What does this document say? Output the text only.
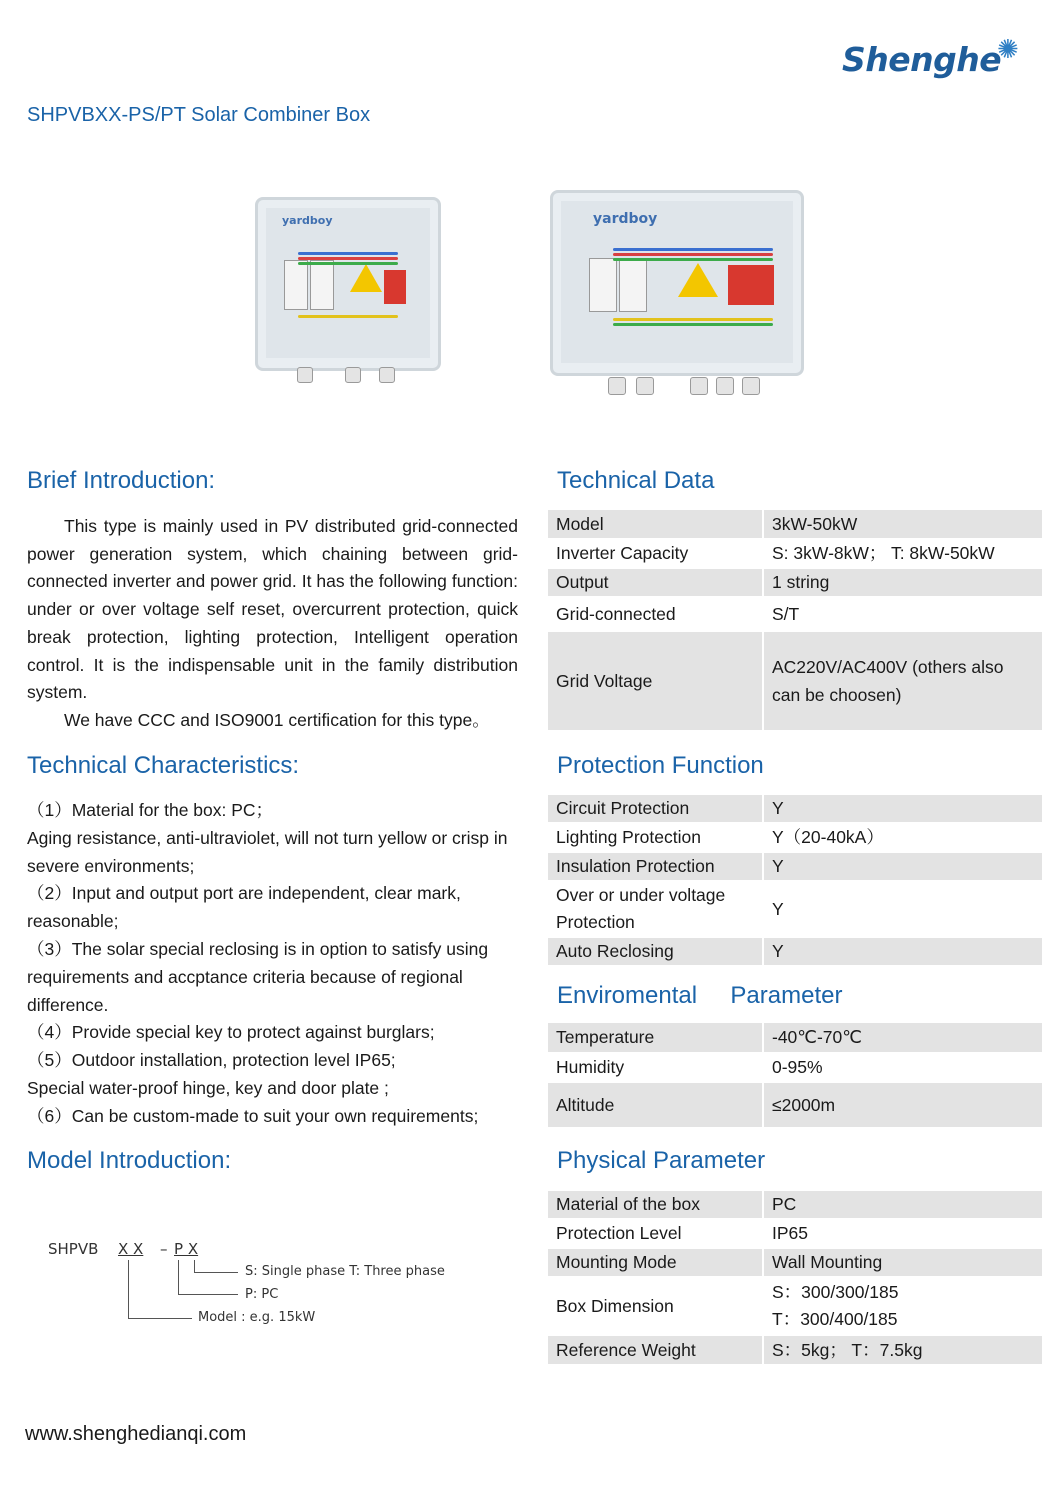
Shenghe
✺
SHPVBXX-PS/PT Solar Combiner Box
yardboy	yardboy
Brief Introduction:

This type is mainly used in PV distributed grid-connected power generation system, which chaining between grid-connected inverter and power grid. It has the following function: under or over voltage self reset, overcurrent protection, quick break protection, lighting protection, Intelligent operation control. It is the indispensable unit in the family distribution system.

We have CCC and ISO9001 certification for this type。

Technical Characteristics:

（1）Material for the box: PC；

Aging resistance, anti-ultraviolet, will not turn yellow or crisp in severe environments;

（2）Input and output port are independent, clear mark, reasonable;

（3）The solar special reclosing is in option to satisfy using requirements and accptance criteria because of regional difference.

（4）Provide special key to protect against burglars;

（5）Outdoor installation, protection level IP65;

Special water-proof hinge, key and door plate ;

（6）Can be custom-made to suit your own requirements;

Model Introduction:
SHPVB X X – P X
S: Single phase T: Three phase
P: PC
Model : e.g. 15kW
Technical Data
Model	3kW-50kW
Inverter Capacity	S: 3kW-8kW； T: 8kW-50kW
Output	1 string
Grid-connected	S/T
Grid Voltage	AC220V/AC400V (others also can be choosen)
Protection Function
Circuit Protection	Y
Lighting Protection	Y（20-40kA）
Insulation Protection	Y
Over or under voltage Protection	Y
Auto Reclosing	Y
Enviromental     Parameter
Temperature	-40℃-70℃
Humidity	0-95%
Altitude	≤2000m
Physical Parameter
Material of the box	PC
Protection Level	IP65
Mounting Mode	Wall Mounting
Box Dimension	S：300/300/185
T：300/400/185

Reference Weight	S：5kg； T：7.5kg
www.shenghedianqi.com
